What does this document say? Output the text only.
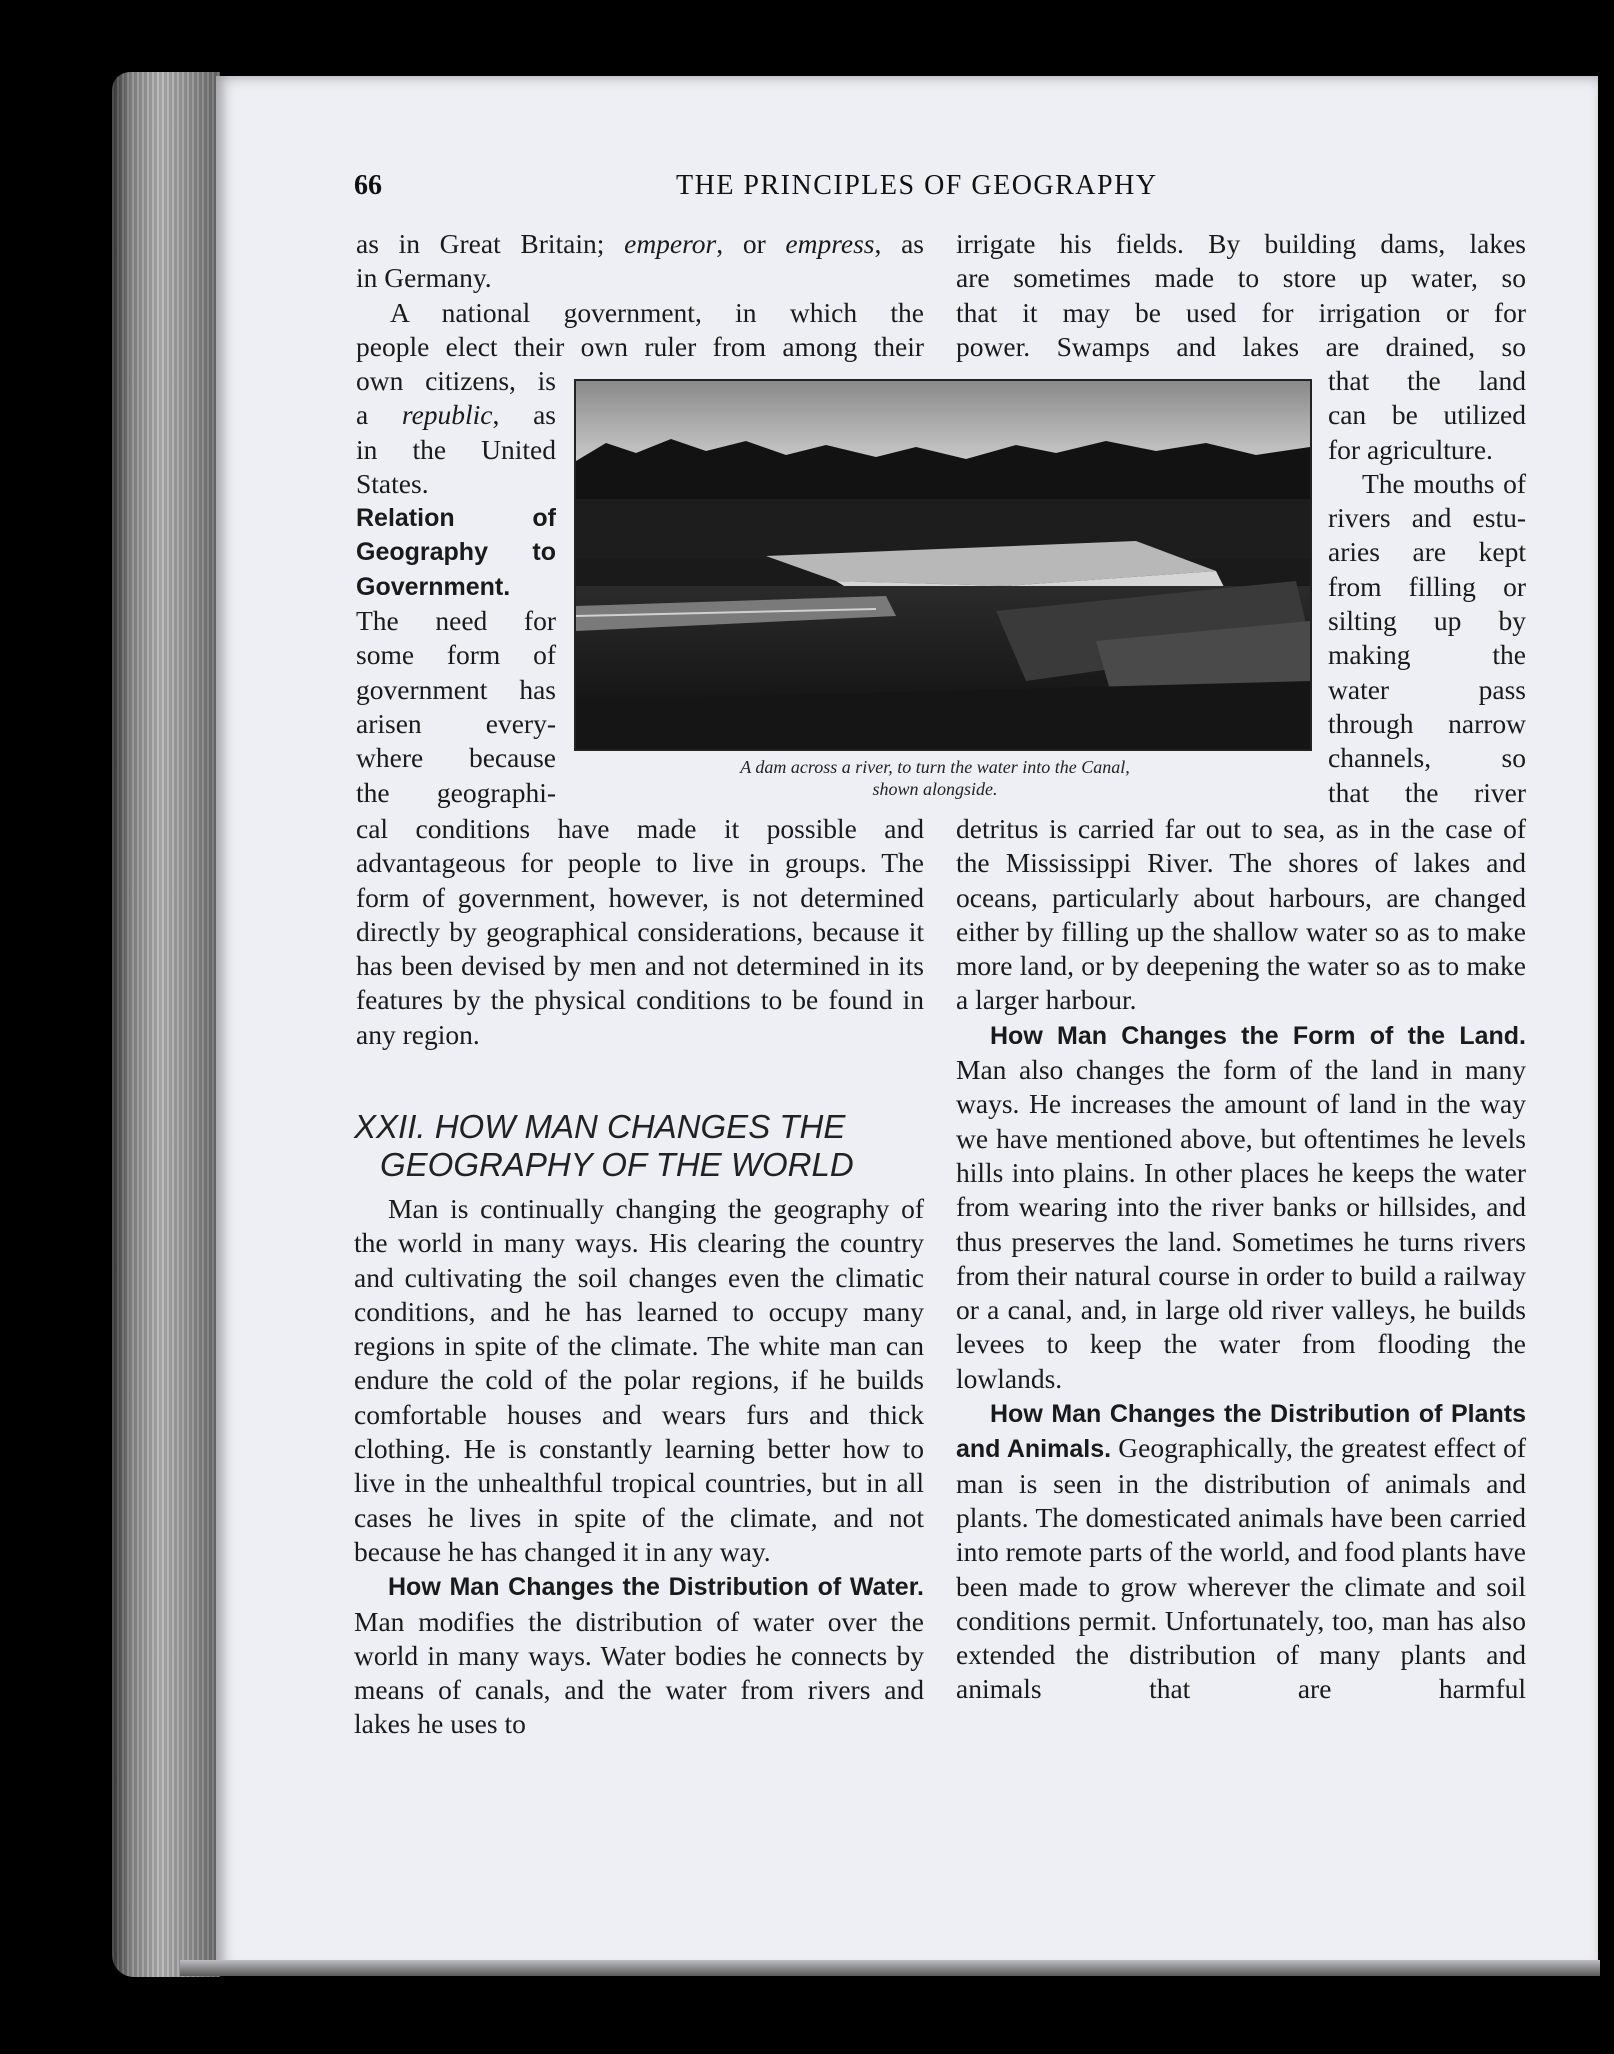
66	THE PRINCIPLES OF GEOGRAPHY
as in Great Britain; emperor, or empress, as
in Germany.
A national government, in which the
people elect their own ruler from among their
own citizens, is
a republic, as
in the United
States.
Relation of
Geography to
Government.
The need for
some form of
government has
arisen every-
where because
the geographi-
A dam across a river, to turn the water into the Canal,
shown alongside.

cal conditions have made it possible and advantageous for people to live in groups. The form of government, however, is not determined directly by geographical considerations, because it has been devised by men and not determined in its features by the physical conditions to be found in any region.

XXII. HOW MAN CHANGES THE
GEOGRAPHY OF THE WORLD

Man is continually changing the geography of the world in many ways. His clearing the country and cultivating the soil changes even the climatic conditions, and he has learned to occupy many regions in spite of the climate. The white man can endure the cold of the polar regions, if he builds comfortable houses and wears furs and thick clothing. He is constantly learning better how to live in the unhealthful tropical countries, but in all cases he lives in spite of the climate, and not because he has changed it in any way.

How Man Changes the Distribution of Water. Man modifies the distribution of water over the world in many ways. Water bodies he connects by means of canals, and the water from rivers and lakes he uses to

irrigate his fields. By building dams, lakes
are sometimes made to store up water, so
that it may be used for irrigation or for
power. Swamps and lakes are drained, so
that the land
can be utilized
for agriculture.
The mouths of
rivers and estu-
aries are kept
from filling or
silting up by
making the
water pass
through narrow
channels, so
that the river

detritus is carried far out to sea, as in the case of the Mississippi River. The shores of lakes and oceans, particularly about harbours, are changed either by filling up the shallow water so as to make more land, or by deepening the water so as to make a larger harbour.

How Man Changes the Form of the Land. Man also changes the form of the land in many ways. He increases the amount of land in the way we have mentioned above, but oftentimes he levels hills into plains. In other places he keeps the water from wearing into the river banks or hillsides, and thus preserves the land. Sometimes he turns rivers from their natural course in order to build a railway or a canal, and, in large old river valleys, he builds levees to keep the water from flooding the lowlands.

How Man Changes the Distribution of Plants and Animals. Geographically, the greatest effect of man is seen in the distribution of animals and plants. The domesticated animals have been carried into remote parts of the world, and food plants have been made to grow wherever the climate and soil conditions permit. Unfortunately, too, man has also extended the distribution of many plants and animals that are harmful
